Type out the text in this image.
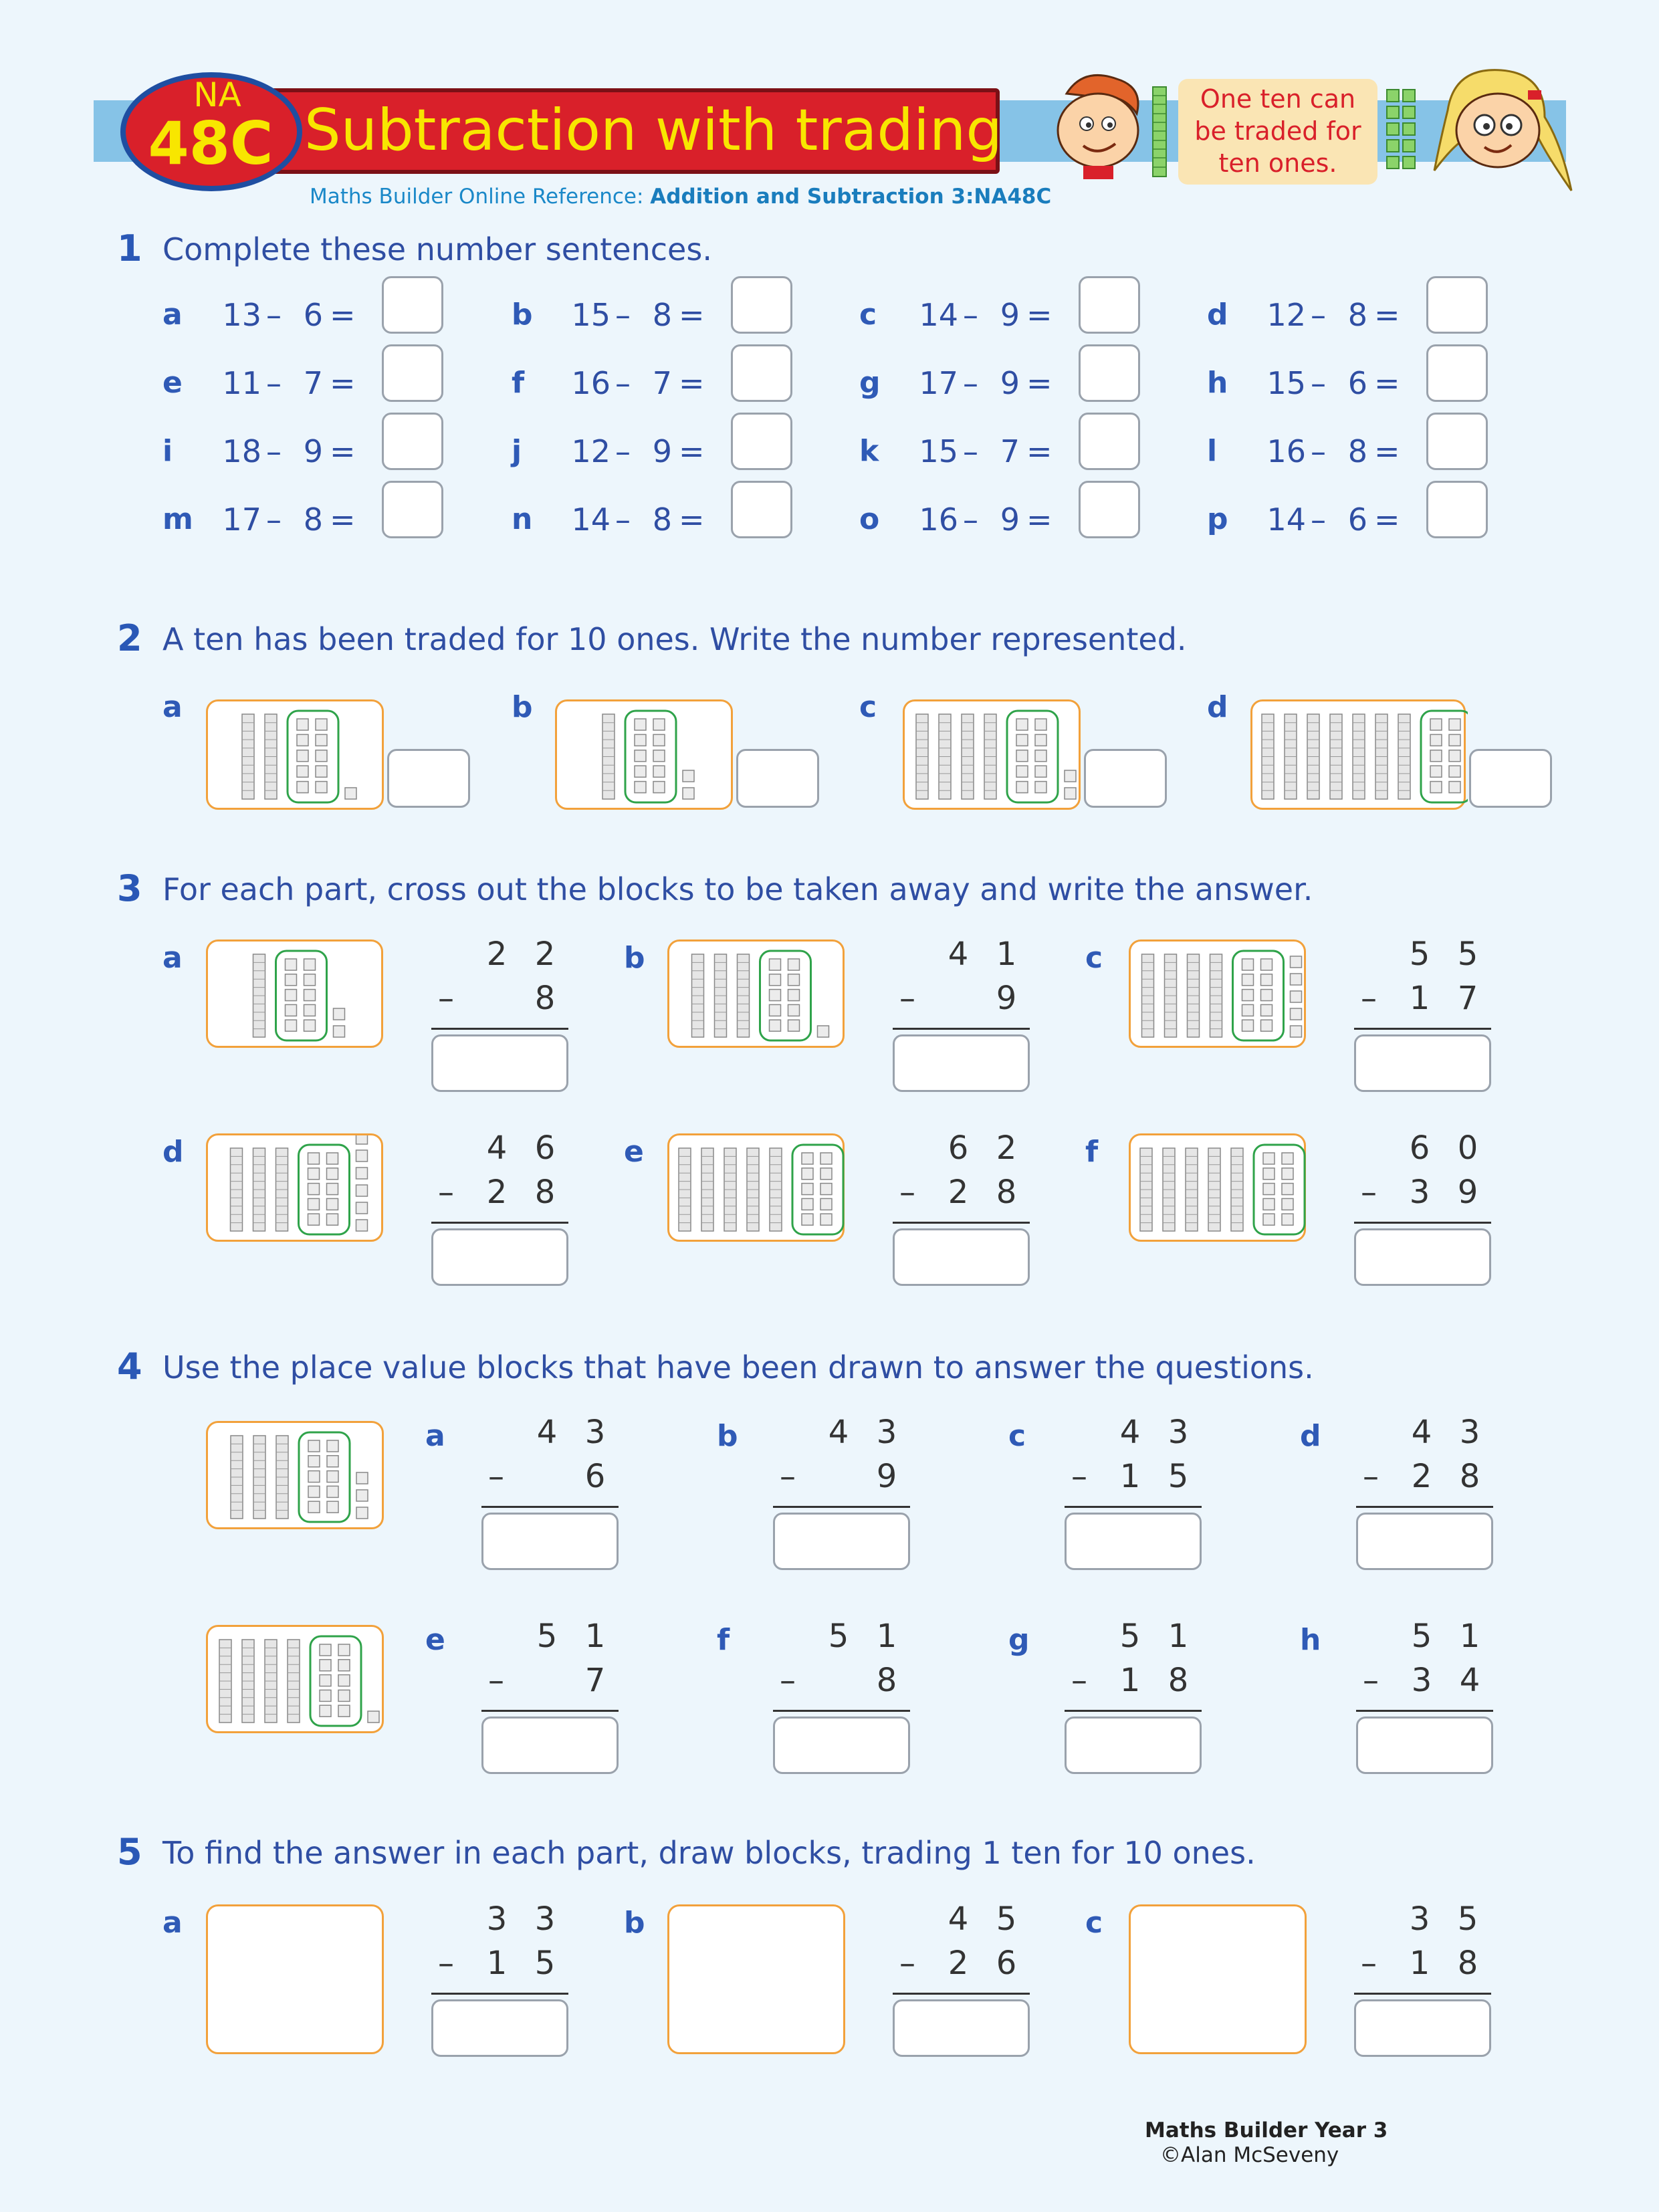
Subtraction with trading
NA
48C
Maths Builder Online Reference: Addition and Subtraction 3:NA48C
One ten can
be traded for
ten ones.
1 Complete these number sentences.
2 A ten has been traded for 10 ones. Write the number represented.
3 For each part, cross out the blocks to be taken away and write the answer.
4 Use the place value blocks that have been drawn to answer the questions.
5 To find the answer in each part, draw blocks, trading 1 ten for 10 ones.
Maths Builder Year 3
©Alan McSeveny
a 13 – 6 =	b 15 – 8 =	c 14 – 9 =	d 12 – 8 =
e 11 – 7 =	f 16 – 7 =	g 17 – 9 =	h 15 – 6 =
i 18 – 9 =	j 12 – 9 =	k 15 – 7 =	l 16 – 8 =
m 17 – 8 =	n 14 – 8 =	o 16 – 9 =	p 14 – 6 =
a	b	c	d
a	2 2
–	8
b	4 1
–	9
c	5 5
– 1 7
d	4 6
– 2 8
e	6 2
– 2 8
f	6 0
– 3 9
a	4 3
–	6
b	4 3
–	9
c	4 3
– 1 5
d	4 3
– 2 8
e	5 1
–	7
f	5 1
–	8
g	5 1
– 1 8
h	5 1
– 3 4
a	3 3
– 1 5
b	4 5
– 2 6
c	3 5
– 1 8
